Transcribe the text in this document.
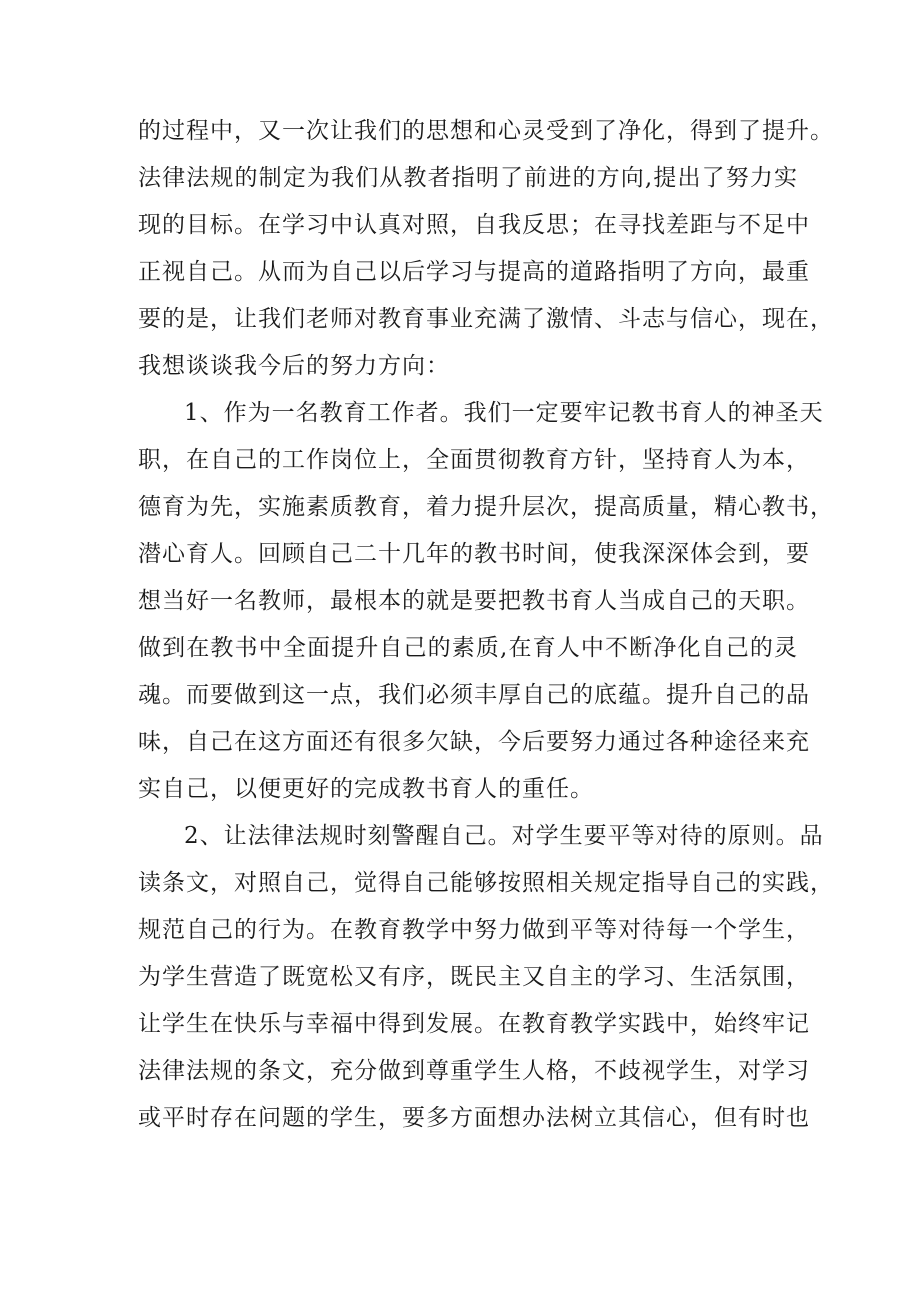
的过程中，又一次让我们的思想和心灵受到了净化，得到了提升。
法律法规的制定为我们从教者指明了前进的方向,提出了努力实
现的目标。在学习中认真对照，自我反思；在寻找差距与不足中
正视自己。从而为自己以后学习与提高的道路指明了方向，最重
要的是，让我们老师对教育事业充满了激情、斗志与信心，现在，
我想谈谈我今后的努力方向：
1、作为一名教育工作者。我们一定要牢记教书育人的神圣天
职，在自己的工作岗位上，全面贯彻教育方针，坚持育人为本，
德育为先，实施素质教育，着力提升层次，提高质量，精心教书，
潜心育人。回顾自己二十几年的教书时间，使我深深体会到，要
想当好一名教师，最根本的就是要把教书育人当成自己的天职。
做到在教书中全面提升自己的素质,在育人中不断净化自己的灵
魂。而要做到这一点，我们必须丰厚自己的底蕴。提升自己的品
味，自己在这方面还有很多欠缺，今后要努力通过各种途径来充
实自己，以便更好的完成教书育人的重任。
2、让法律法规时刻警醒自己。对学生要平等对待的原则。品
读条文，对照自己，觉得自己能够按照相关规定指导自己的实践，
规范自己的行为。在教育教学中努力做到平等对待每一个学生，
为学生营造了既宽松又有序，既民主又自主的学习、生活氛围，
让学生在快乐与幸福中得到发展。在教育教学实践中，始终牢记
法律法规的条文，充分做到尊重学生人格，不歧视学生，对学习
或平时存在问题的学生，要多方面想办法树立其信心，但有时也
